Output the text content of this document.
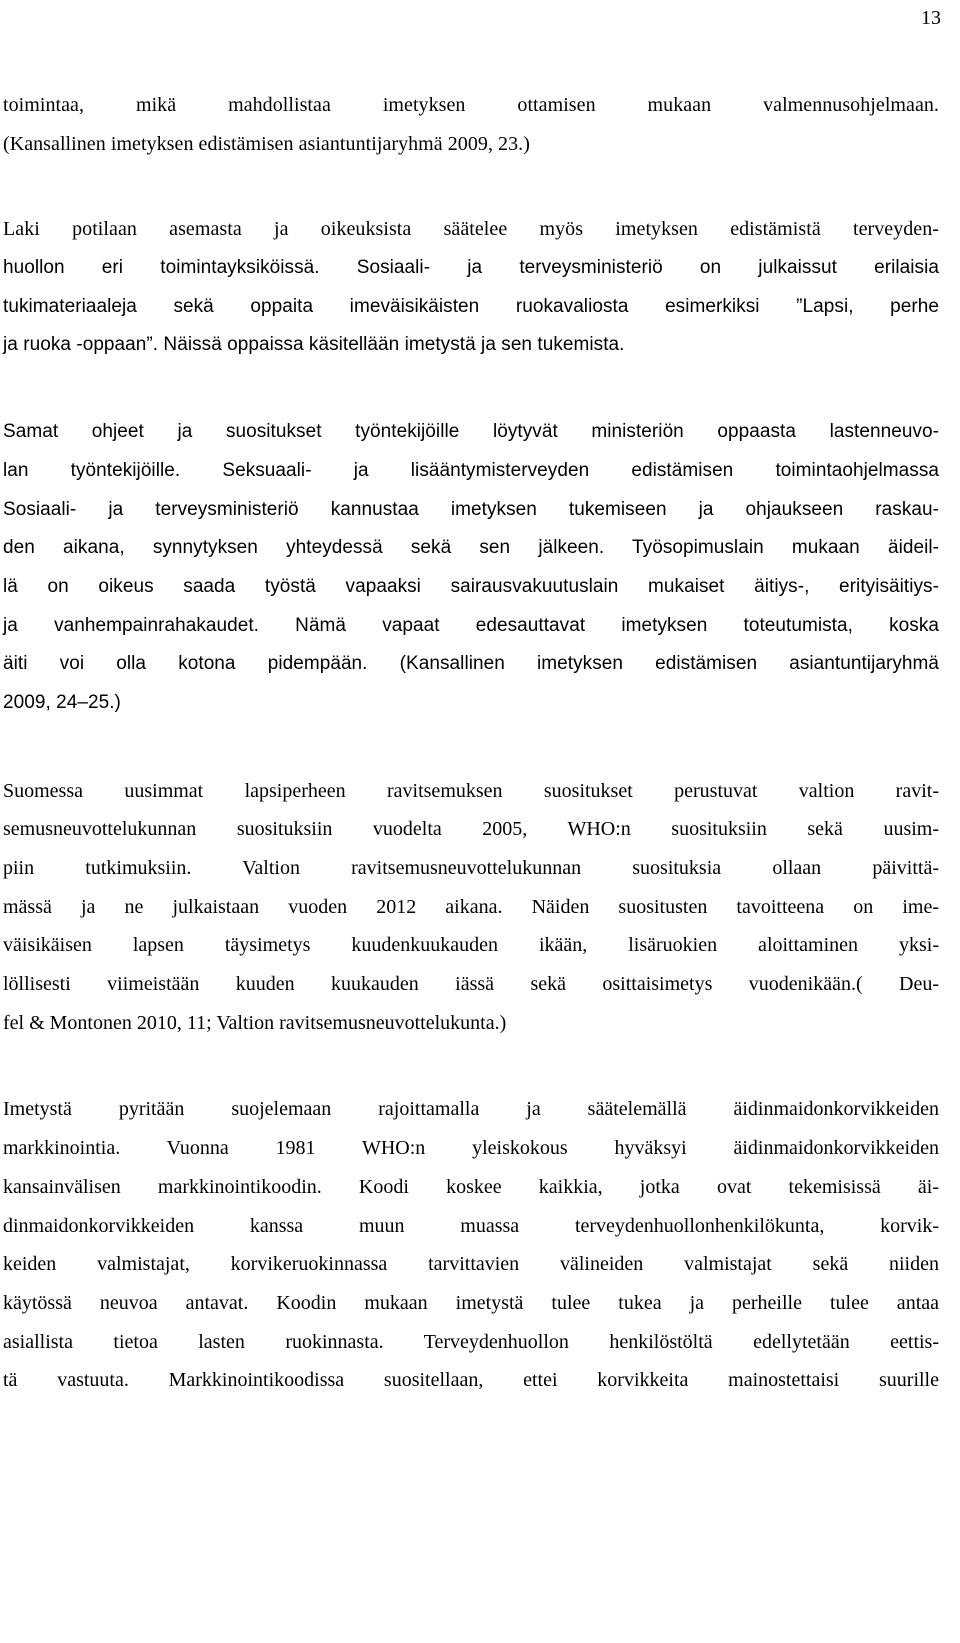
13
toimintaa, mikä mahdollistaa imetyksen ottamisen mukaan valmennusohjelmaan.
(Kansallinen imetyksen edistämisen asiantuntijaryhmä 2009, 23.)
Laki potilaan asemasta ja oikeuksista säätelee myös imetyksen edistämistä terveyden-
huollon eri toimintayksiköissä. Sosiaali- ja terveysministeriö on julkaissut erilaisia
tukimateriaaleja sekä oppaita imeväisikäisten ruokavaliosta esimerkiksi ”Lapsi, perhe
ja ruoka -oppaan”. Näissä oppaissa käsitellään imetystä ja sen tukemista.
Samat ohjeet ja suositukset työntekijöille löytyvät ministeriön oppaasta lastenneuvo-
lan työntekijöille. Seksuaali- ja lisääntymisterveyden edistämisen toimintaohjelmassa
Sosiaali- ja terveysministeriö kannustaa imetyksen tukemiseen ja ohjaukseen raskau-
den aikana, synnytyksen yhteydessä sekä sen jälkeen. Työsopimuslain mukaan äideil-
lä on oikeus saada työstä vapaaksi sairausvakuutuslain mukaiset äitiys-, erityisäitiys-
ja vanhempainrahakaudet. Nämä vapaat edesauttavat imetyksen toteutumista, koska
äiti voi olla kotona pidempään. (Kansallinen imetyksen edistämisen asiantuntijaryhmä
2009, 24–25.)
Suomessa uusimmat lapsiperheen ravitsemuksen suositukset perustuvat valtion ravit-
semusneuvottelukunnan suosituksiin vuodelta 2005, WHO:n suosituksiin sekä uusim-
piin tutkimuksiin. Valtion ravitsemusneuvottelukunnan suosituksia ollaan päivittä-
mässä ja ne julkaistaan vuoden 2012 aikana. Näiden suositusten tavoitteena on ime-
väisikäisen lapsen täysimetys kuudenkuukauden ikään, lisäruokien aloittaminen yksi-
löllisesti viimeistään kuuden kuukauden iässä sekä osittaisimetys vuodenikään.( Deu-
fel & Montonen 2010, 11; Valtion ravitsemusneuvottelukunta.)
Imetystä pyritään suojelemaan rajoittamalla ja säätelemällä äidinmaidonkorvikkeiden
markkinointia. Vuonna 1981 WHO:n yleiskokous hyväksyi äidinmaidonkorvikkeiden
kansainvälisen markkinointikoodin. Koodi koskee kaikkia, jotka ovat tekemisissä äi-
dinmaidonkorvikkeiden kanssa muun muassa terveydenhuollonhenkilökunta, korvik-
keiden valmistajat, korvikeruokinnassa tarvittavien välineiden valmistajat sekä niiden
käytössä neuvoa antavat. Koodin mukaan imetystä tulee tukea ja perheille tulee antaa
asiallista tietoa lasten ruokinnasta. Terveydenhuollon henkilöstöltä edellytetään eettis-
tä vastuuta. Markkinointikoodissa suositellaan, ettei korvikkeita mainostettaisi suurille
